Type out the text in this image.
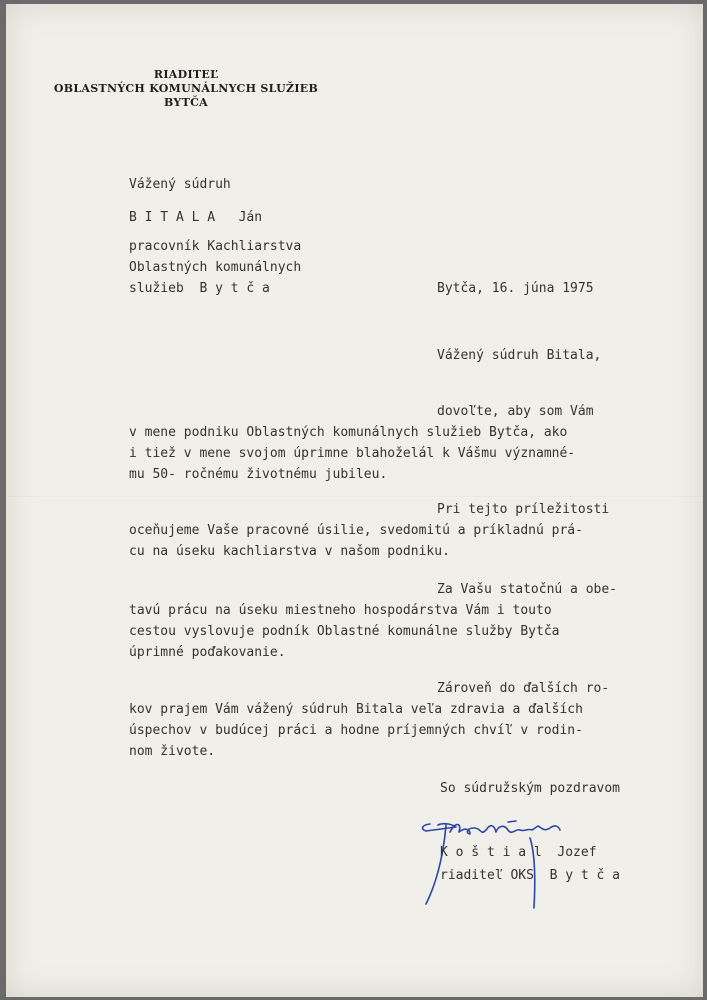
RIADITEĽ
OBLASTNÝCH KOMUNÁLNYCH SLUŽIEB
BYTČA
Vážený súdruh
B I T A L A   Ján
pracovník Kachliarstva
Oblastných komunálnych
služieb  B y t č a	Bytča, 16. júna 1975
Vážený súdruh Bitala,
dovoľte, aby som Vám
v mene podniku Oblastných komunálnych služieb Bytča, ako
i tiež v mene svojom úprimne blahoželál k Vášmu významné-
mu 50- ročnému životnému jubileu.
Pri tejto príležitosti
oceňujeme Vaše pracovné úsilie, svedomitú a príkladnú prá-
cu na úseku kachliarstva v našom podniku.
Za Vašu statočnú a obe-
tavú prácu na úseku miestneho hospodárstva Vám i touto
cestou vyslovuje podník Oblastné komunálne služby Bytča
úprimné poďakovanie.
Zároveň do ďalších ro-
kov prajem Vám vážený súdruh Bitala veľa zdravia a ďalších
úspechov v budúcej práci a hodne príjemných chvíľ v rodin-
nom živote.
So súdružským pozdravom
K o š t i a l  Jozef
riaditeľ OKS  B y t č a
